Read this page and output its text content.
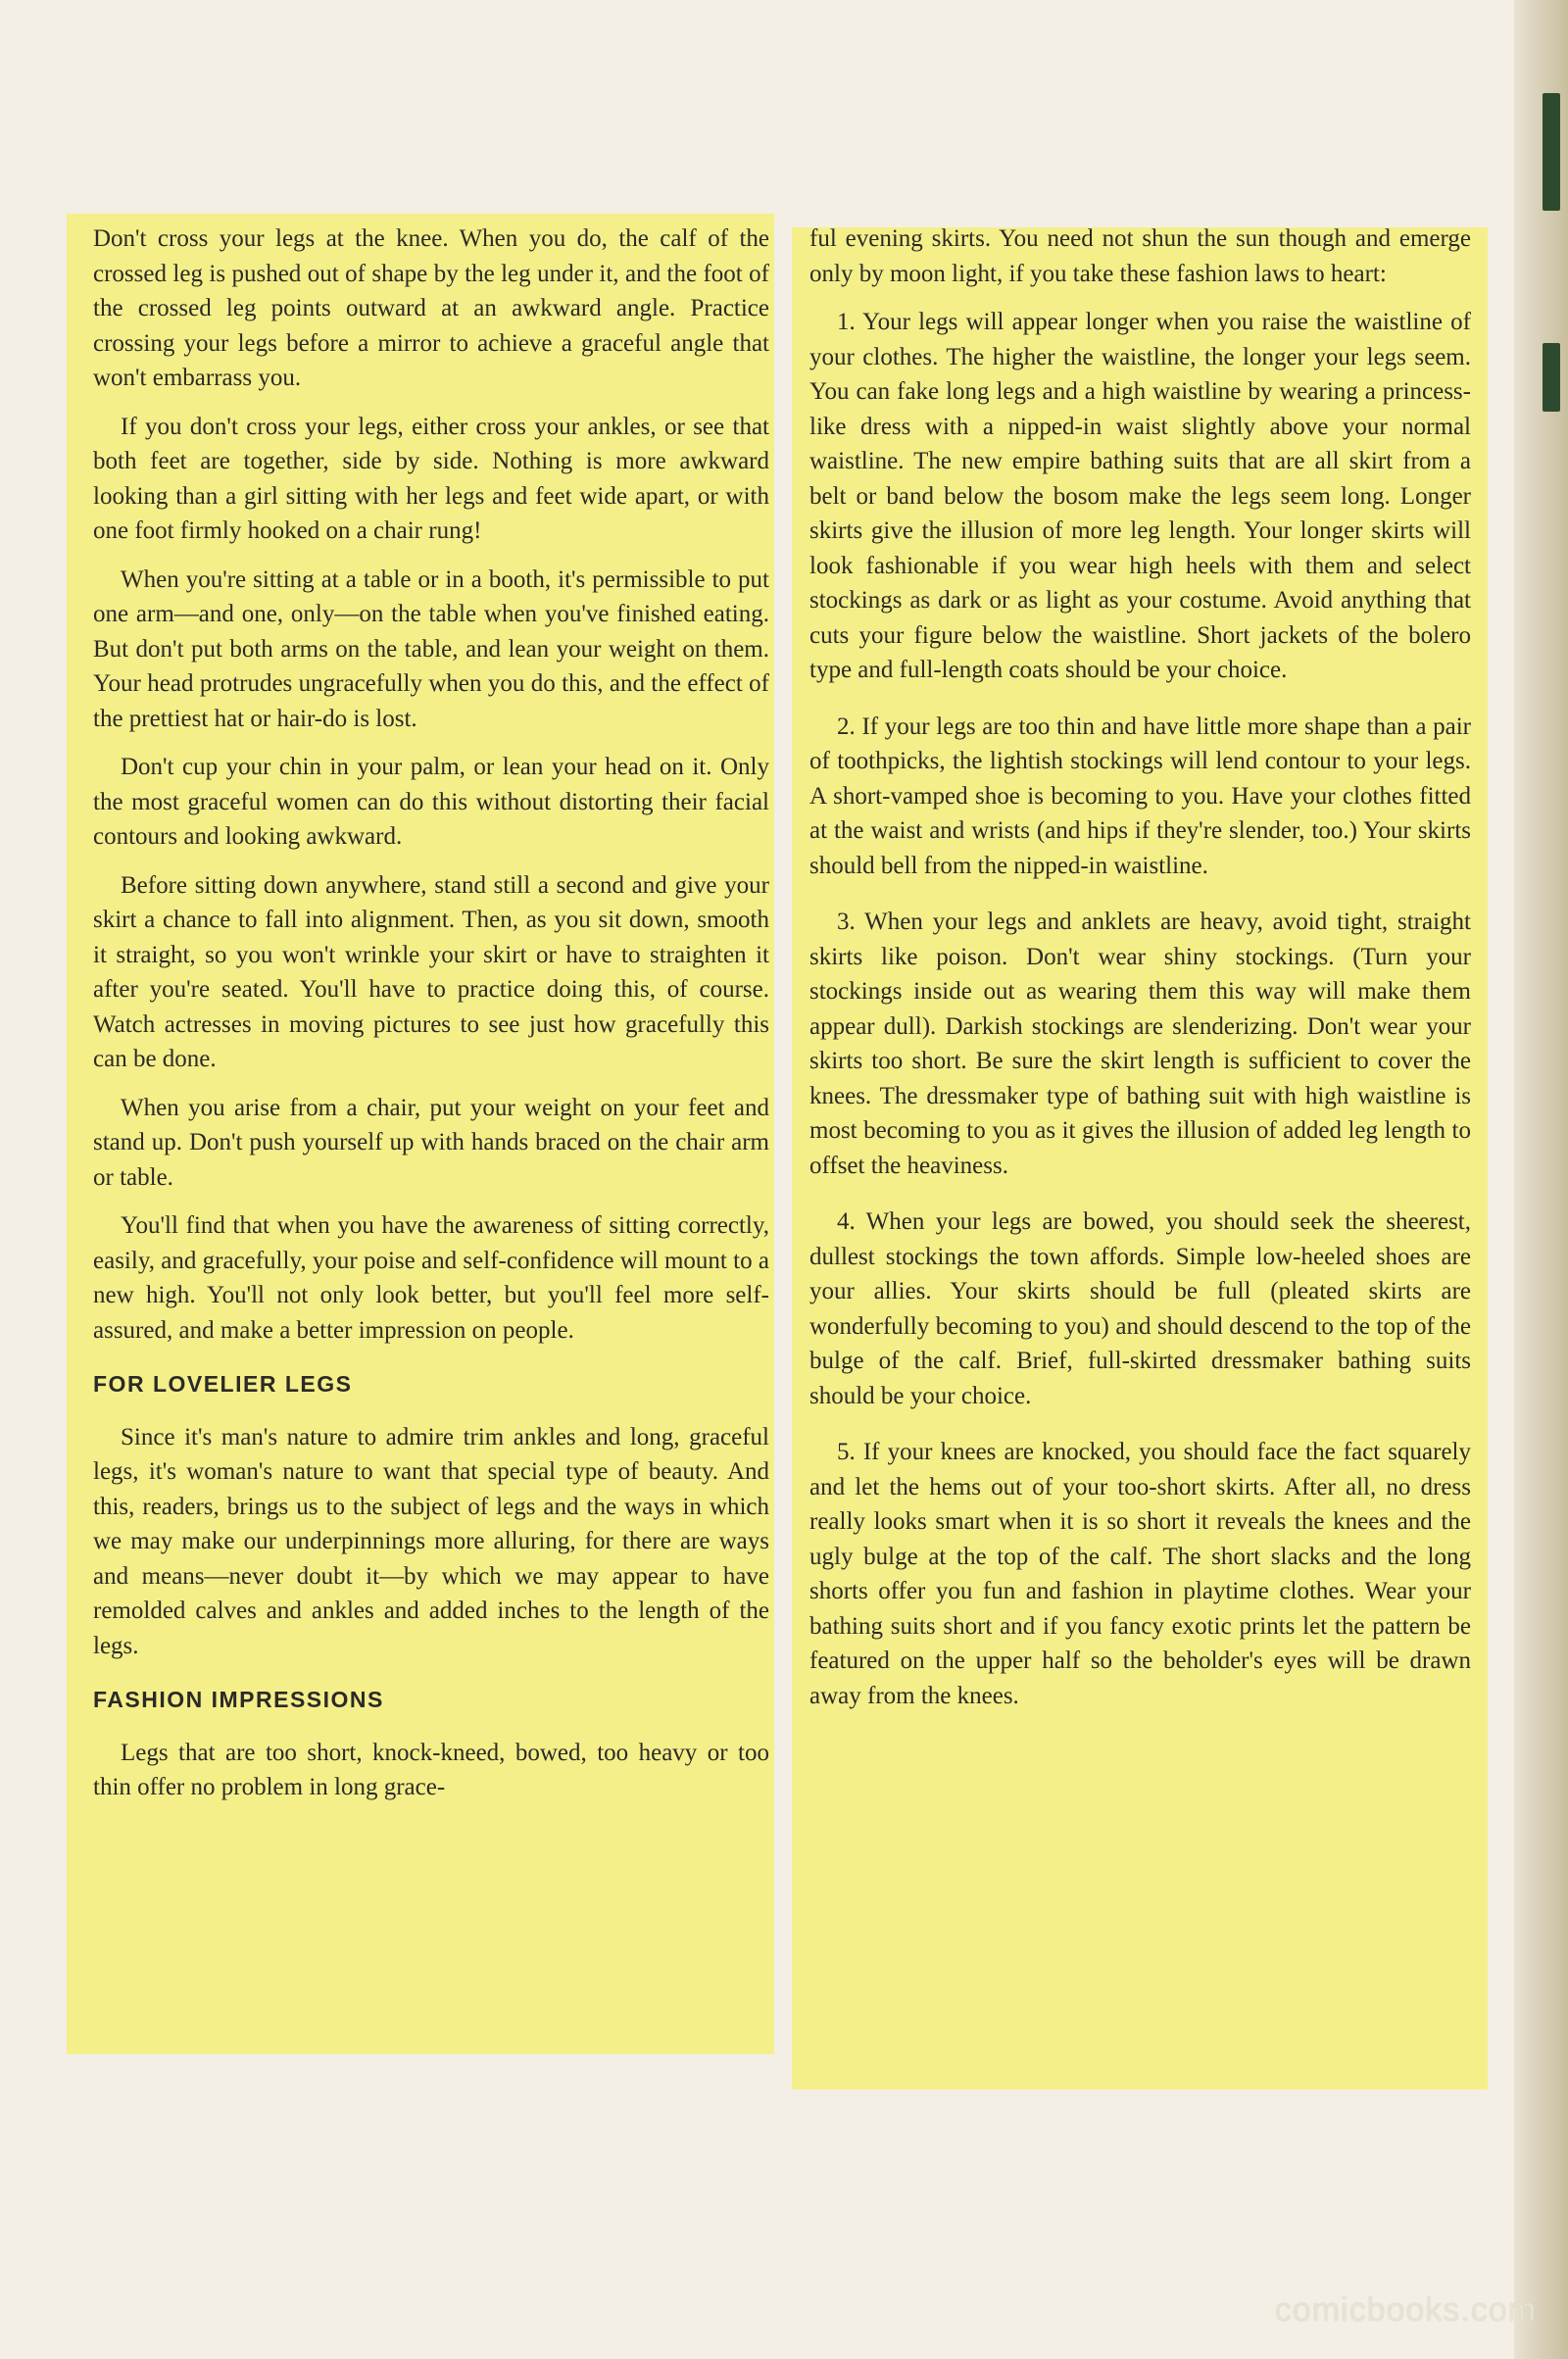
Don't cross your legs at the knee. When you do, the calf of the crossed leg is pushed out of shape by the leg under it, and the foot of the crossed leg points outward at an awkward angle. Practice crossing your legs before a mirror to achieve a graceful angle that won't embarrass you.

If you don't cross your legs, either cross your ankles, or see that both feet are together, side by side. Nothing is more awkward looking than a girl sitting with her legs and feet wide apart, or with one foot firmly hooked on a chair rung!

When you're sitting at a table or in a booth, it's permissible to put one arm—and one, only—on the table when you've finished eating. But don't put both arms on the table, and lean your weight on them. Your head protrudes ungracefully when you do this, and the effect of the prettiest hat or hair-do is lost.

Don't cup your chin in your palm, or lean your head on it. Only the most graceful women can do this without distorting their facial contours and looking awkward.

Before sitting down anywhere, stand still a second and give your skirt a chance to fall into alignment. Then, as you sit down, smooth it straight, so you won't wrinkle your skirt or have to straighten it after you're seated. You'll have to practice doing this, of course. Watch actresses in moving pictures to see just how gracefully this can be done.

When you arise from a chair, put your weight on your feet and stand up. Don't push yourself up with hands braced on the chair arm or table.

You'll find that when you have the awareness of sitting correctly, easily, and gracefully, your poise and self-confidence will mount to a new high. You'll not only look better, but you'll feel more self-assured, and make a better impression on people.

FOR LOVELIER LEGS

Since it's man's nature to admire trim ankles and long, graceful legs, it's woman's nature to want that special type of beauty. And this, readers, brings us to the subject of legs and the ways in which we may make our underpinnings more alluring, for there are ways and means—never doubt it—by which we may appear to have remolded calves and ankles and added inches to the length of the legs.

FASHION IMPRESSIONS

Legs that are too short, knock-kneed, bowed, too heavy or too thin offer no problem in long grace-

ful evening skirts. You need not shun the sun though and emerge only by moon light, if you take these fashion laws to heart:

1. Your legs will appear longer when you raise the waistline of your clothes. The higher the waistline, the longer your legs seem. You can fake long legs and a high waistline by wearing a princess-like dress with a nipped-in waist slightly above your normal waistline. The new empire bathing suits that are all skirt from a belt or band below the bosom make the legs seem long. Longer skirts give the illusion of more leg length. Your longer skirts will look fashionable if you wear high heels with them and select stockings as dark or as light as your costume. Avoid anything that cuts your figure below the waistline. Short jackets of the bolero type and full-length coats should be your choice.

2. If your legs are too thin and have little more shape than a pair of toothpicks, the lightish stockings will lend contour to your legs. A short-vamped shoe is becoming to you. Have your clothes fitted at the waist and wrists (and hips if they're slender, too.) Your skirts should bell from the nipped-in waistline.

3. When your legs and anklets are heavy, avoid tight, straight skirts like poison. Don't wear shiny stockings. (Turn your stockings inside out as wearing them this way will make them appear dull). Darkish stockings are slenderizing. Don't wear your skirts too short. Be sure the skirt length is sufficient to cover the knees. The dressmaker type of bathing suit with high waistline is most becoming to you as it gives the illusion of added leg length to offset the heaviness.

4. When your legs are bowed, you should seek the sheerest, dullest stockings the town affords. Simple low-heeled shoes are your allies. Your skirts should be full (pleated skirts are wonderfully becoming to you) and should descend to the top of the bulge of the calf. Brief, full-skirted dressmaker bathing suits should be your choice.

5. If your knees are knocked, you should face the fact squarely and let the hems out of your too-short skirts. After all, no dress really looks smart when it is so short it reveals the knees and the ugly bulge at the top of the calf. The short slacks and the long shorts offer you fun and fashion in playtime clothes. Wear your bathing suits short and if you fancy exotic prints let the pattern be featured on the upper half so the beholder's eyes will be drawn away from the knees.

comicbooks.com
